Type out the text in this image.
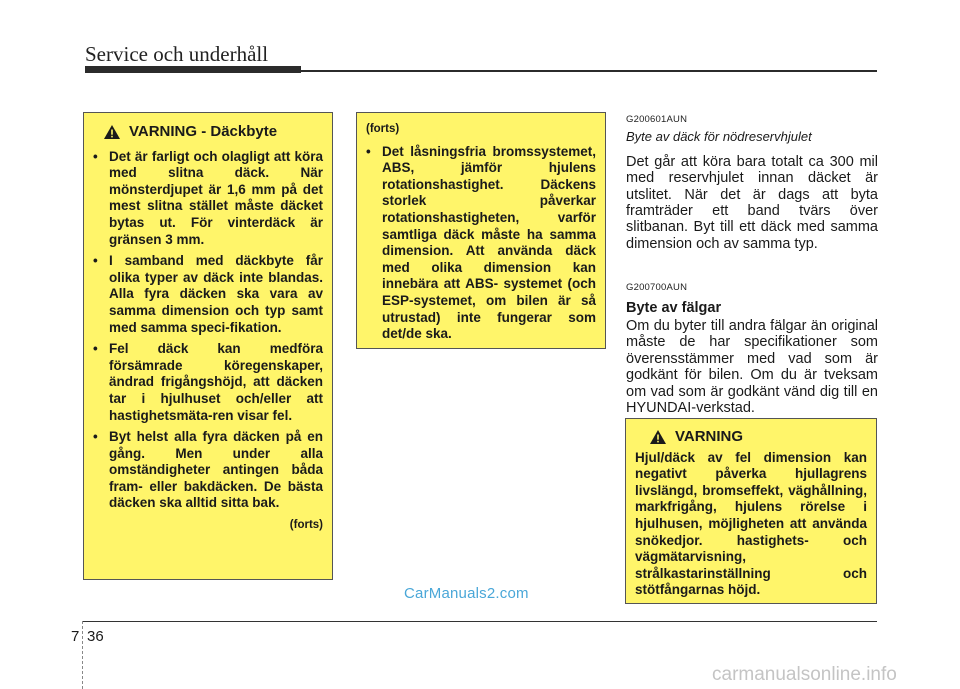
Service och underhåll
VARNING - Däckbyte
• Det är farligt och olagligt att köra med slitna däck. När mönsterdjupet är 1,6 mm på det mest slitna stället måste däcket bytas ut. För vinterdäck är gränsen 3 mm.
• I samband med däckbyte får olika typer av däck inte blandas. Alla fyra däcken ska vara av samma dimension och typ samt med samma speci-fikation.
• Fel däck kan medföra försämrade köregenskaper, ändrad frigångshöjd, att däcken tar i hjulhuset och/eller att hastighetsmäta-ren visar fel.
• Byt helst alla fyra däcken på en gång. Men under alla omständigheter antingen båda fram- eller bakdäcken. De bästa däcken ska alltid sitta bak.
(forts)
(forts)
• Det låsningsfria bromssystemet, ABS, jämför hjulens rotationshastighet. Däckens storlek påverkar rotationshastigheten, varför samtliga däck måste ha samma dimension. Att använda däck med olika dimension kan innebära att ABS- systemet (och ESP-systemet, om bilen är så utrustad) inte fungerar som det/de ska.
G200601AUN
Byte av däck för nödreservhjulet

Det går att köra bara totalt ca 300 mil med reservhjulet innan däcket är utslitet. När det är dags att byta framträder ett band tvärs över slitbanan. Byt till ett däck med samma dimension och av samma typ.

G200700AUN
Byte av fälgar

Om du byter till andra fälgar än original måste de har specifikationer som överensstämmer med vad som är godkänt för bilen. Om du är tveksam om vad som är godkänt vänd dig till en HYUNDAI-verkstad.

VARNING

Hjul/däck av fel dimension kan negativt påverka hjullagrens livslängd, bromseffekt, väghållning, markfrigång, hjulens rörelse i hjulhusen, möjligheten att använda snökedjor. hastighets- och vägmätarvisning, strålkastarinställning och stötfångarnas höjd.

CarManuals2.com
7 36
carmanualsonline.info
